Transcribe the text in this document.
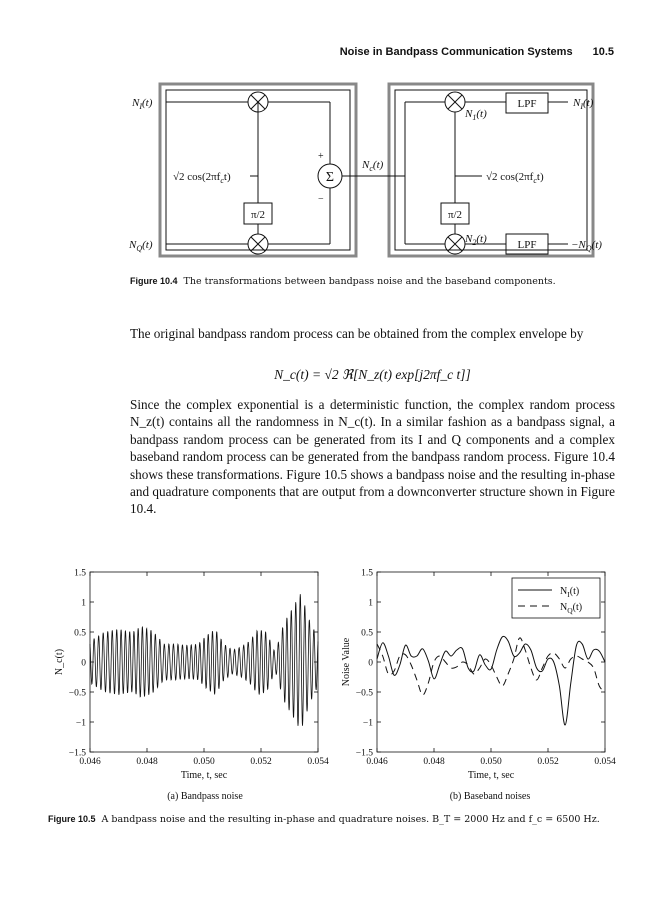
Noise in Bandpass Communication Systems 10.5
$N_I(t)$
$N_Q(t)$
√2 $\cos(2\pi f_ct)$
π/2	π/2
Σ
+
−
$N_c(t)$
$N_1(t)$
$N_2(t)$
LPF
LPF
√2 $\cos(2\pi f_ct)$
$N_I(t)$
$-N_Q(t)$
Figure 10.4 The transformations between bandpass noise and the baseband components.
The original bandpass random process can be obtained from the complex envelope by
N_c(t) = √2 ℜ[N_z(t) exp[j2πf_c t]]
Since the complex exponential is a deterministic function, the complex random process N_z(t) contains all the randomness in N_c(t). In a similar fashion as a bandpass signal, a bandpass random process can be generated from its I and Q components and a complex baseband random process can be generated from the bandpass random process. Figure 10.4 shows these transformations. Figure 10.5 shows a bandpass noise and the resulting in-phase and quadrature components that are output from a downconverter structure shown in Figure 10.4.
0.046	0.048	0.050	0.052	0.054
1.5
1
0.5
0
−0.5
−1
−1.5
Time, t, sec
N_c(t)
0.046	0.048	0.050	0.052	0.054
1.5
1
0.5
0
−0.5
−1
−1.5
Time, t, sec
Noise Value
$N_I(t)$
$N_Q(t)$
(a) Bandpass noise	(b) Baseband noises
Figure 10.5 A bandpass noise and the resulting in-phase and quadrature noises. B_T = 2000 Hz and f_c = 6500 Hz.
